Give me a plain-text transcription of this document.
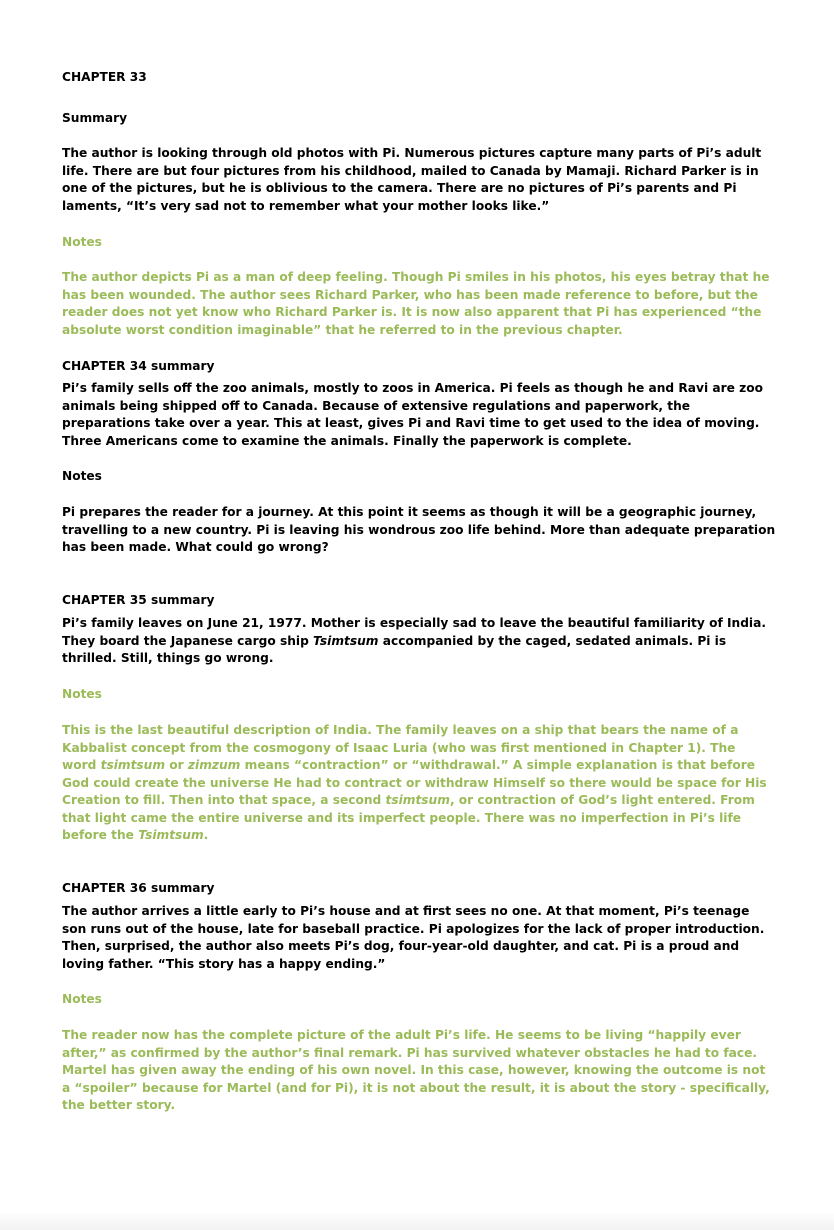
CHAPTER 33
Summary
The author is looking through old photos with Pi. Numerous pictures capture many parts of Pi’s adult
life. There are but four pictures from his childhood, mailed to Canada by Mamaji. Richard Parker is in
one of the pictures, but he is oblivious to the camera. There are no pictures of Pi’s parents and Pi
laments, “It’s very sad not to remember what your mother looks like.”
Notes
The author depicts Pi as a man of deep feeling. Though Pi smiles in his photos, his eyes betray that he
has been wounded. The author sees Richard Parker, who has been made reference to before, but the
reader does not yet know who Richard Parker is. It is now also apparent that Pi has experienced “the
absolute worst condition imaginable” that he referred to in the previous chapter.
CHAPTER 34 summary
Pi’s family sells off the zoo animals, mostly to zoos in America. Pi feels as though he and Ravi are zoo
animals being shipped off to Canada. Because of extensive regulations and paperwork, the
preparations take over a year. This at least, gives Pi and Ravi time to get used to the idea of moving.
Three Americans come to examine the animals. Finally the paperwork is complete.
Notes
Pi prepares the reader for a journey. At this point it seems as though it will be a geographic journey,
travelling to a new country. Pi is leaving his wondrous zoo life behind. More than adequate preparation
has been made. What could go wrong?
CHAPTER 35 summary
Pi’s family leaves on June 21, 1977. Mother is especially sad to leave the beautiful familiarity of India.
They board the Japanese cargo ship Tsimtsum accompanied by the caged, sedated animals. Pi is
thrilled. Still, things go wrong.
Notes
This is the last beautiful description of India. The family leaves on a ship that bears the name of a
Kabbalist concept from the cosmogony of Isaac Luria (who was first mentioned in Chapter 1). The
word tsimtsum or zimzum means “contraction” or “withdrawal.” A simple explanation is that before
God could create the universe He had to contract or withdraw Himself so there would be space for His
Creation to fill. Then into that space, a second tsimtsum, or contraction of God’s light entered. From
that light came the entire universe and its imperfect people. There was no imperfection in Pi’s life
before the Tsimtsum.
CHAPTER 36 summary
The author arrives a little early to Pi’s house and at first sees no one. At that moment, Pi’s teenage
son runs out of the house, late for baseball practice. Pi apologizes for the lack of proper introduction.
Then, surprised, the author also meets Pi’s dog, four-year-old daughter, and cat. Pi is a proud and
loving father. “This story has a happy ending.”
Notes
The reader now has the complete picture of the adult Pi’s life. He seems to be living “happily ever
after,” as confirmed by the author’s final remark. Pi has survived whatever obstacles he had to face.
Martel has given away the ending of his own novel. In this case, however, knowing the outcome is not
a “spoiler” because for Martel (and for Pi), it is not about the result, it is about the story - specifically,
the better story.
